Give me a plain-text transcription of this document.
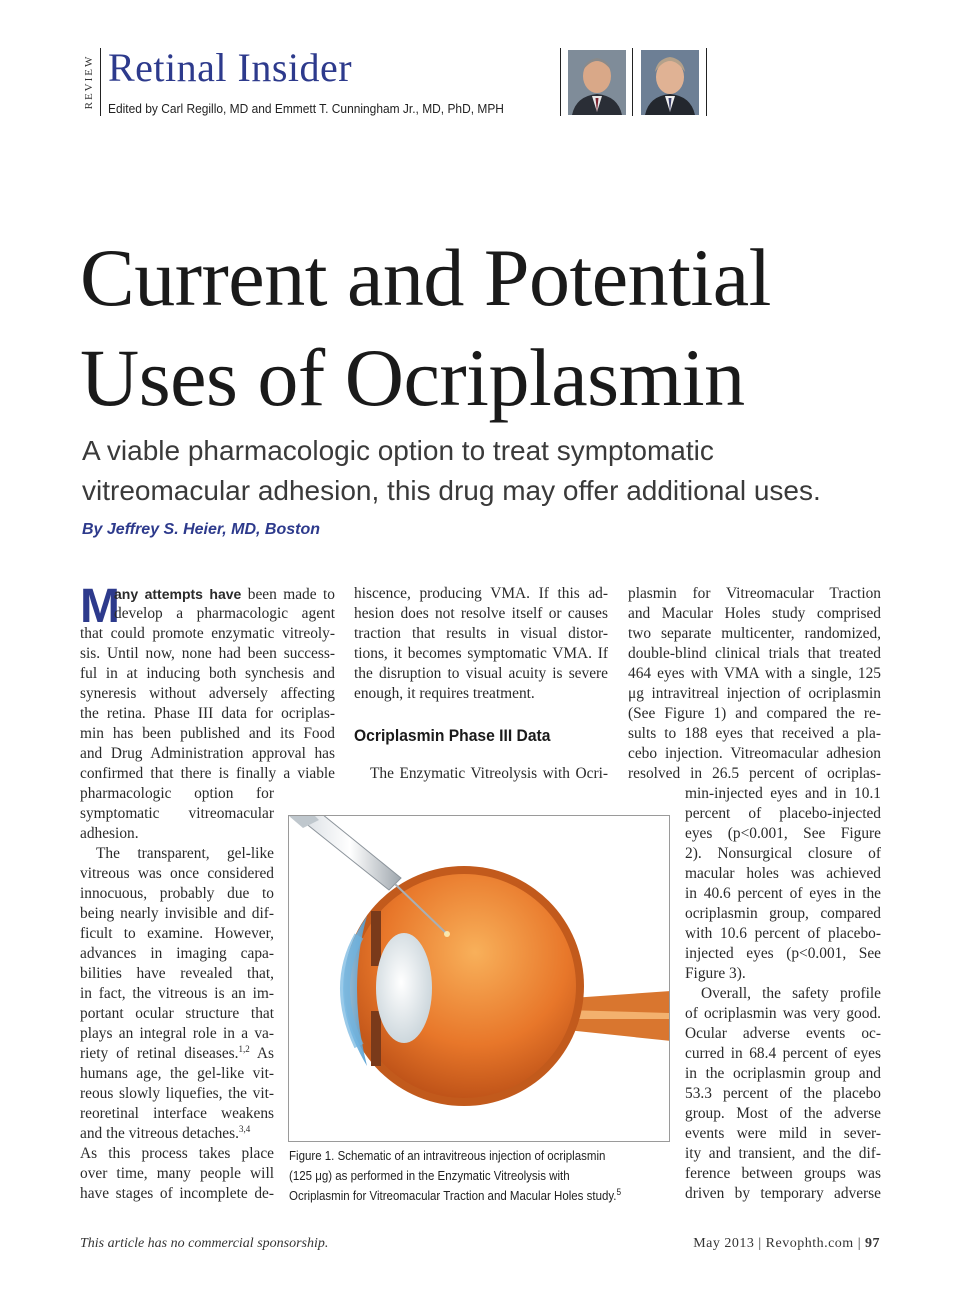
REVIEW Retinal Insider
Edited by Carl Regillo, MD and Emmett T. Cunningham Jr., MD, PhD, MPH
Current and Potential
Uses of Ocriplasmin
A viable pharmacologic option to treat symptomatic
vitreomacular adhesion, this drug may offer additional uses.
By Jeffrey S. Heier, MD, Boston
M
any attempts have been made to
develop a pharmacologic agent
that could promote enzymatic vitreoly-
sis. Until now, none had been success-
ful in at inducing both synchesis and
syneresis without adversely affecting
the retina. Phase III data for ocriplas-
min has been published and its Food
and Drug Administration approval has
confirmed that there is finally a viable
pharmacologic option for
symptomatic vitreomacular
adhesion.
The transparent, gel-like
vitreous was once considered
innocuous, probably due to
being nearly invisible and dif-
ficult to examine. However,
advances in imaging capa-
bilities have revealed that,
in fact, the vitreous is an im-
portant ocular structure that
plays an integral role in a va-
riety of retinal diseases.$^{1,2}$ As
humans age, the gel-like vit-
reous slowly liquefies, the vit-
reoretinal interface weakens
and the vitreous detaches.$^{3,4}$
As this process takes place
over time, many people will
have stages of incomplete de-
hiscence, producing VMA. If this ad-
hesion does not resolve itself or causes
traction that results in visual distor-
tions, it becomes symptomatic VMA. If
the disruption to visual acuity is severe
enough, it requires treatment.
Ocriplasmin Phase III Data
The Enzymatic Vitreolysis with Ocri-
plasmin for Vitreomacular Traction
and Macular Holes study comprised
two separate multicenter, randomized,
double-blind clinical trials that treated
464 eyes with VMA with a single, 125
μg intravitreal injection of ocriplasmin
(See Figure 1) and compared the re-
sults to 188 eyes that received a pla-
cebo injection. Vitreomacular adhesion
resolved in 26.5 percent of ocriplas-
min-injected eyes and in 10.1
percent of placebo-injected
eyes (p<0.001, See Figure
2). Nonsurgical closure of
macular holes was achieved
in 40.6 percent of eyes in the
ocriplasmin group, compared
with 10.6 percent of placebo-
injected eyes (p<0.001, See
Figure 3).
Overall, the safety profile
of ocriplasmin was very good.
Ocular adverse events oc-
curred in 68.4 percent of eyes
in the ocriplasmin group and
53.3 percent of the placebo
group. Most of the adverse
events were mild in sever-
ity and transient, and the dif-
ference between groups was
driven by temporary adverse
Figure 1. Schematic of an intravitreous injection of ocriplasmin
(125 μg) as performed in the Enzymatic Vitreolysis with
Ocriplasmin for Vitreomacular Traction and Macular Holes study.$^5$
This article has no commercial sponsorship.	May 2013 | Revophth.com | 97
